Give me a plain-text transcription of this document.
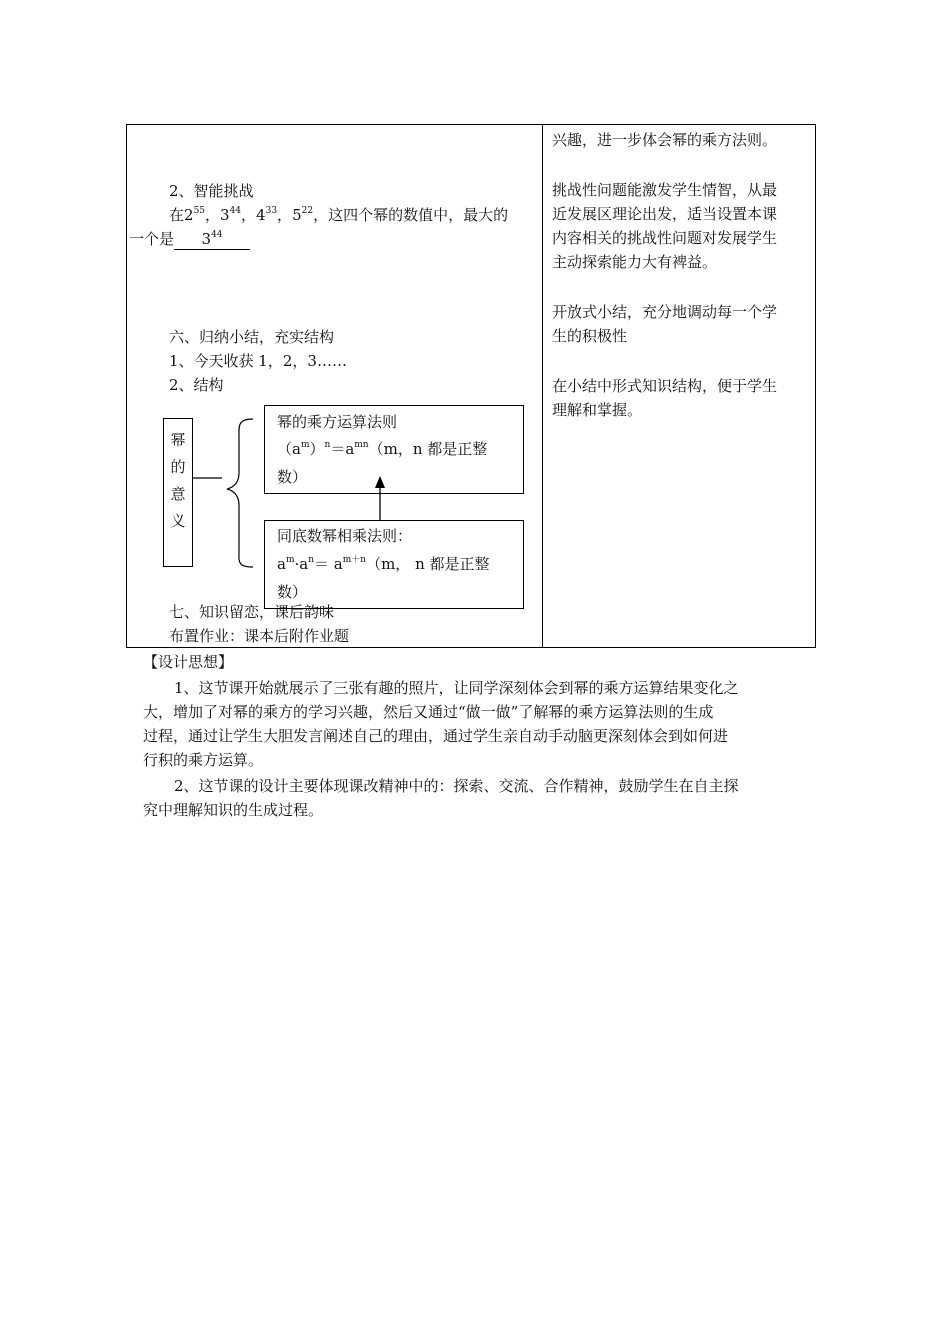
2、智能挑战
在$2^{55}$，$3^{44}$，$4^{33}$，$5^{22}$，这四个幂的数值中，最大的
一个是 $3^{44}$
六、归纳小结，充实结构
1、今天收获 1，2，3……
2、结构
幂
的
意
义
幂的乘方运算法则
$(a^m)^n=a^{mn}(m$，n 都是正整
数）
同底数幂相乘法则：
$a^m\cdot a^n= a^{m+n}(m$， n 都是正整
数）
七、知识留恋，课后韵味
布置作业：课本后附作业题
兴趣，进一步体会幂的乘方法则。
挑战性问题能激发学生情智，从最
近发展区理论出发，适当设置本课
内容相关的挑战性问题对发展学生
主动探索能力大有裨益。
开放式小结，充分地调动每一个学
生的积极性
在小结中形式知识结构，便于学生
理解和掌握。
【设计思想】
1、这节课开始就展示了三张有趣的照片，让同学深刻体会到幂的乘方运算结果变化之
大，增加了对幂的乘方的学习兴趣，然后又通过“做一做”了解幂的乘方运算法则的生成
过程，通过让学生大胆发言阐述自己的理由，通过学生亲自动手动脑更深刻体会到如何进
行积的乘方运算。
2、这节课的设计主要体现课改精神中的：探索、交流、合作精神，鼓励学生在自主探
究中理解知识的生成过程。
